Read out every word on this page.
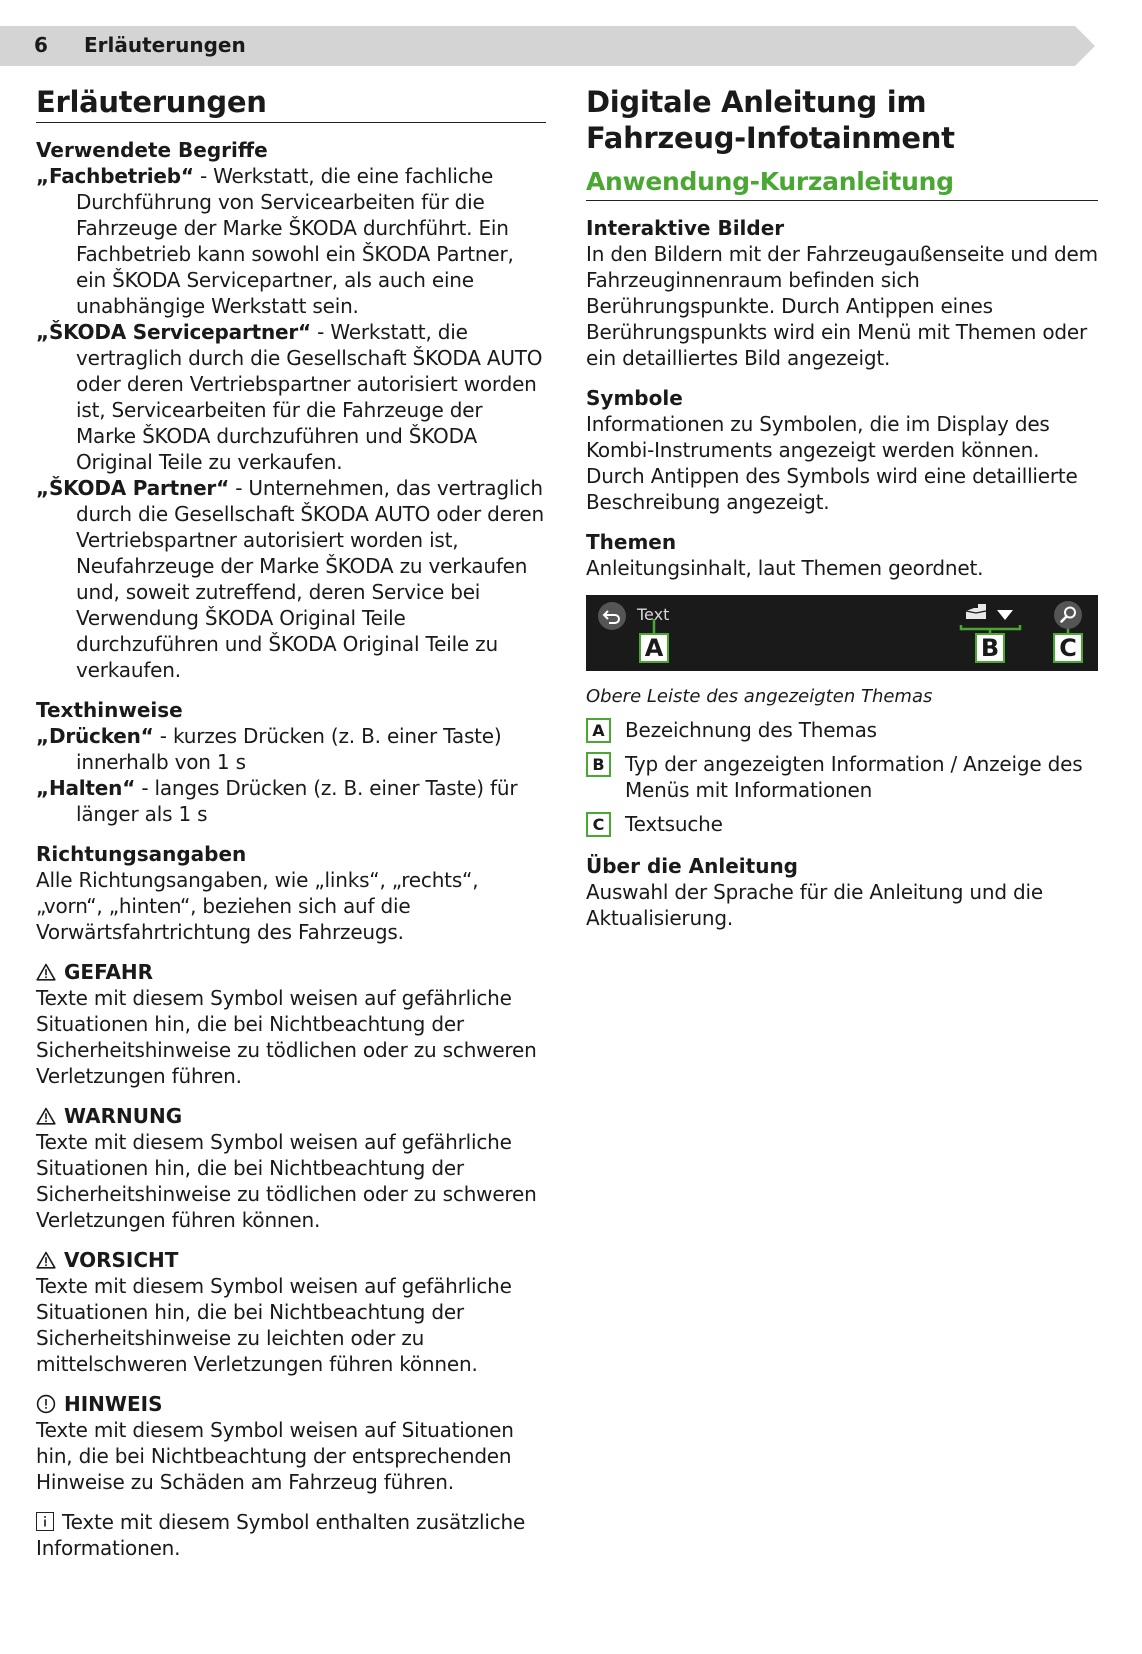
6 Erläuterungen
Erläuterungen
Verwendete Begriffe

„Fachbetrieb“ - Werkstatt, die eine fachliche Durchführung von Servicearbeiten für die Fahrzeuge der Marke ŠKODA durchführt. Ein Fachbetrieb kann sowohl ein ŠKODA Partner, ein ŠKODA Servicepartner, als auch eine unabhängige Werkstatt sein.

„ŠKODA Servicepartner“ - Werkstatt, die vertraglich durch die Gesellschaft ŠKODA AUTO oder deren Vertriebspartner autorisiert worden ist, Servicearbeiten für die Fahrzeuge der Marke ŠKODA durchzuführen und ŠKODA Original Teile zu verkaufen.

„ŠKODA Partner“ - Unternehmen, das vertraglich durch die Gesellschaft ŠKODA AUTO oder deren Vertriebspartner autorisiert worden ist, Neufahrzeuge der Marke ŠKODA zu verkaufen und, soweit zutreffend, deren Service bei Verwendung ŠKODA Original Teile durchzuführen und ŠKODA Original Teile zu verkaufen.

Texthinweise

„Drücken“ - kurzes Drücken (z. B. einer Taste) innerhalb von 1 s

„Halten“ - langes Drücken (z. B. einer Taste) für länger als 1 s

Richtungsangaben

Alle Richtungsangaben, wie „links“, „rechts“, „vorn“, „hinten“, beziehen sich auf die Vorwärtsfahrtrichtung des Fahrzeugs.

GEFAHR

Texte mit diesem Symbol weisen auf gefährliche Situationen hin, die bei Nichtbeachtung der Sicherheitshinweise zu tödlichen oder zu schweren Verletzungen führen.

WARNUNG

Texte mit diesem Symbol weisen auf gefährliche Situationen hin, die bei Nichtbeachtung der Sicherheitshinweise zu tödlichen oder zu schweren Verletzungen führen können.

VORSICHT

Texte mit diesem Symbol weisen auf gefährliche Situationen hin, die bei Nichtbeachtung der Sicherheitshinweise zu leichten oder zu mittelschweren Verletzungen führen können.

HINWEIS

Texte mit diesem Symbol weisen auf Situationen hin, die bei Nichtbeachtung der entsprechenden Hinweise zu Schäden am Fahrzeug führen.

Texte mit diesem Symbol enthalten zusätzliche Informationen.

Digitale Anleitung im Fahrzeug-Infotainment
Anwendung-Kurzanleitung
Interaktive Bilder

In den Bildern mit der Fahrzeugaußenseite und dem Fahrzeuginnenraum befinden sich Berührungspunkte. Durch Antippen eines Berührungspunkts wird ein Menü mit Themen oder ein detailliertes Bild angezeigt.

Symbole

Informationen zu Symbolen, die im Display des Kombi-Instruments angezeigt werden können. Durch Antippen des Symbols wird eine detaillierte Beschreibung angezeigt.

Themen

Anleitungsinhalt, laut Themen geordnet.

Text
A	B	C
Obere Leiste des angezeigten Themas
A	Bezeichnung des Themas
B	Typ der angezeigten Information / Anzeige des Menüs mit Informationen
C	Textsuche
Über die Anleitung

Auswahl der Sprache für die Anleitung und die Aktualisierung.
